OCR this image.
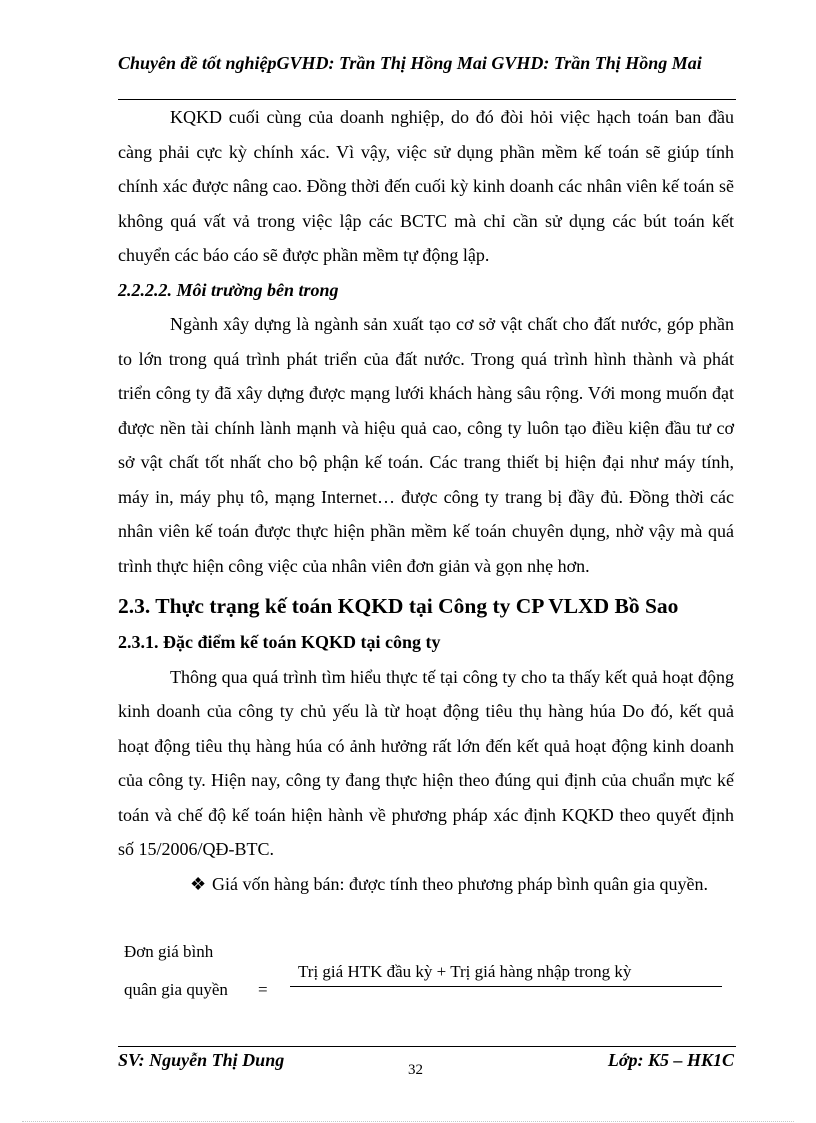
Chuyên đề tốt nghiệpGVHD: Trần Thị Hồng Mai GVHD: Trần Thị Hồng Mai

KQKD cuối cùng của doanh nghiệp, do đó đòi hỏi việc hạch toán ban đầu càng phải cực kỳ chính xác. Vì vậy, việc sử dụng phần mềm kế toán sẽ giúp tính chính xác được nâng cao. Đồng thời đến cuối kỳ kinh doanh các nhân viên kế toán sẽ không quá vất vả trong việc lập các BCTC mà chỉ cần sử dụng các bút toán kết chuyển các báo cáo sẽ được phần mềm tự động lập.

2.2.2.2. Môi trường bên trong

Ngành xây dựng là ngành sản xuất tạo cơ sở vật chất cho đất nước, góp phần to lớn trong quá trình phát triển của đất nước. Trong quá trình hình thành và phát triển công ty đã xây dựng được mạng lưới khách hàng sâu rộng. Với mong muốn đạt được nền tài chính lành mạnh và hiệu quả cao, công ty luôn tạo điều kiện đầu tư cơ sở vật chất tốt nhất cho bộ phận kế toán. Các trang thiết bị hiện đại như máy tính, máy in, máy phụ tô, mạng Internet… được công ty trang bị đầy đủ. Đồng thời các nhân viên kế toán được thực hiện phần mềm kế toán chuyên dụng, nhờ vậy mà quá trình thực hiện công việc của nhân viên đơn giản và gọn nhẹ hơn.

2.3. Thực trạng kế toán KQKD tại Công ty CP VLXD Bồ Sao

2.3.1. Đặc điểm kế toán KQKD tại công ty

Thông qua quá trình tìm hiểu thực tế tại công ty cho ta thấy kết quả hoạt động kinh doanh của công ty chủ yếu là từ hoạt động tiêu thụ hàng húa Do đó, kết quả hoạt động tiêu thụ hàng húa có ảnh hưởng rất lớn đến kết quả hoạt động kinh doanh của công ty. Hiện nay, công ty đang thực hiện theo đúng qui định của chuẩn mực kế toán và chế độ kế toán hiện hành về phương pháp xác định KQKD theo quyết định số 15/2006/QĐ-BTC.

❖ Giá vốn hàng bán: được tính theo phương pháp bình quân gia quyền.

Đơn giá bình
quân gia quyền =
Trị giá HTK đầu kỳ + Trị giá hàng nhập trong kỳ
SV: Nguyễn Thị Dung	32	Lớp: K5 – HK1C
